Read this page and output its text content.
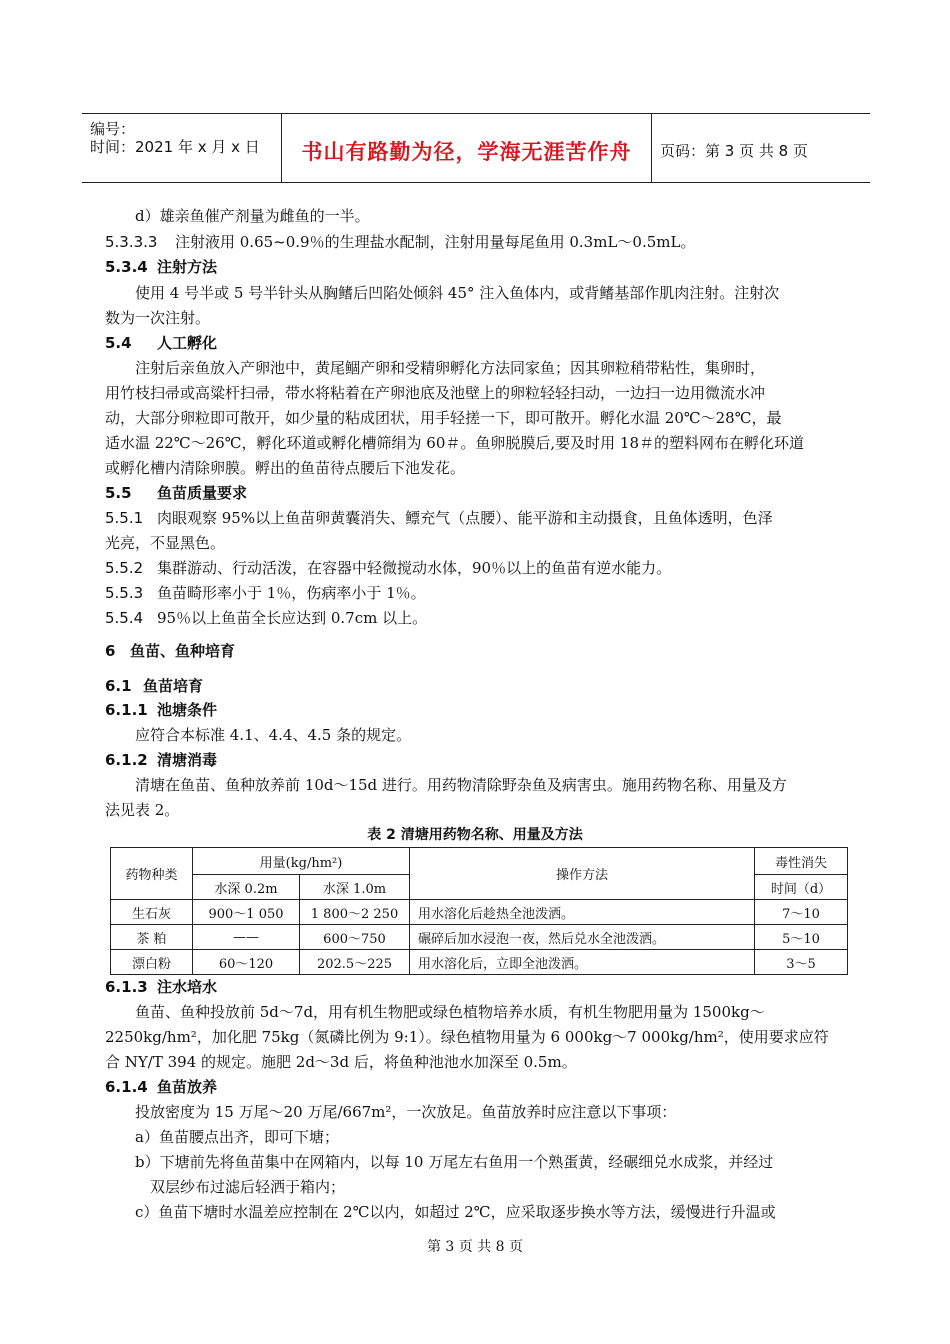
编号：
时间：2021 年 x 月 x 日	书山有路勤为径，学海无涯苦作舟	页码：第 3 页 共 8 页
d）雄亲鱼催产剂量为雌鱼的一半。
5.3.3.3 注射液用 0.65~0.9％的生理盐水配制，注射用量每尾鱼用 0.3mL～0.5mL。
5.3.4 注射方法
使用 4 号半或 5 号半针头从胸鳍后凹陷处倾斜 45° 注入鱼体内，或背鳍基部作肌肉注射。注射次
数为一次注射。
5.4 人工孵化
注射后亲鱼放入产卵池中，黄尾鲴产卵和受精卵孵化方法同家鱼；因其卵粒稍带粘性，集卵时，
用竹枝扫帚或高粱杆扫帚，带水将粘着在产卵池底及池壁上的卵粒轻轻扫动，一边扫一边用微流水冲
动，大部分卵粒即可散开，如少量的粘成团状，用手轻搓一下，即可散开。孵化水温 20℃～28℃，最
适水温 22℃～26℃，孵化环道或孵化槽筛绢为 60＃。鱼卵脱膜后,要及时用 18＃的塑料网布在孵化环道
或孵化槽内清除卵膜。孵出的鱼苗待点腰后下池发花。
5.5 鱼苗质量要求
5.5.1 肉眼观察 95%以上鱼苗卵黄囊消失、鳔充气（点腰）、能平游和主动摄食，且鱼体透明，色泽
光亮，不显黑色。
5.5.2 集群游动、行动活泼，在容器中轻微搅动水体，90％以上的鱼苗有逆水能力。
5.5.3 鱼苗畸形率小于 1％，伤病率小于 1％。
5.5.4 95％以上鱼苗全长应达到 0.7cm 以上。
6 鱼苗、鱼种培育
6.1 鱼苗培育
6.1.1 池塘条件
应符合本标准 4.1、4.4、4.5 条的规定。
6.1.2 清塘消毒
清塘在鱼苗、鱼种放养前 10d～15d 进行。用药物清除野杂鱼及病害虫。施用药物名称、用量及方
法见表 2。
表 2 清塘用药物名称、用量及方法
药物种类	用量(kg/hm²)		操作方法	毒性消失
	水深 0.2m	水深 1.0m		时间（d）
生石灰	900～1 050	1 800～2 250	用水溶化后趁热全池泼洒。	7～10
茶 粕	——	600～750	碾碎后加水浸泡一夜，然后兑水全池泼洒。	5～10
漂白粉	60～120	202.5～225	用水溶化后，立即全池泼洒。	3～5
6.1.3 注水培水
鱼苗、鱼种投放前 5d～7d，用有机生物肥或绿色植物培养水质，有机生物肥用量为 1500kg～
2250kg/hm²，加化肥 75kg（氮磷比例为 9:1）。绿色植物用量为 6 000kg～7 000kg/hm²，使用要求应符
合 NY/T 394 的规定。施肥 2d～3d 后，将鱼种池池水加深至 0.5m。
6.1.4 鱼苗放养
投放密度为 15 万尾～20 万尾/667m²，一次放足。鱼苗放养时应注意以下事项：
a）鱼苗腰点出齐，即可下塘；
b）下塘前先将鱼苗集中在网箱内，以每 10 万尾左右鱼用一个熟蛋黄，经碾细兑水成浆，并经过
双层纱布过滤后轻洒于箱内；
c）鱼苗下塘时水温差应控制在 2℃以内，如超过 2℃，应采取逐步换水等方法，缓慢进行升温或
第 3 页 共 8 页
